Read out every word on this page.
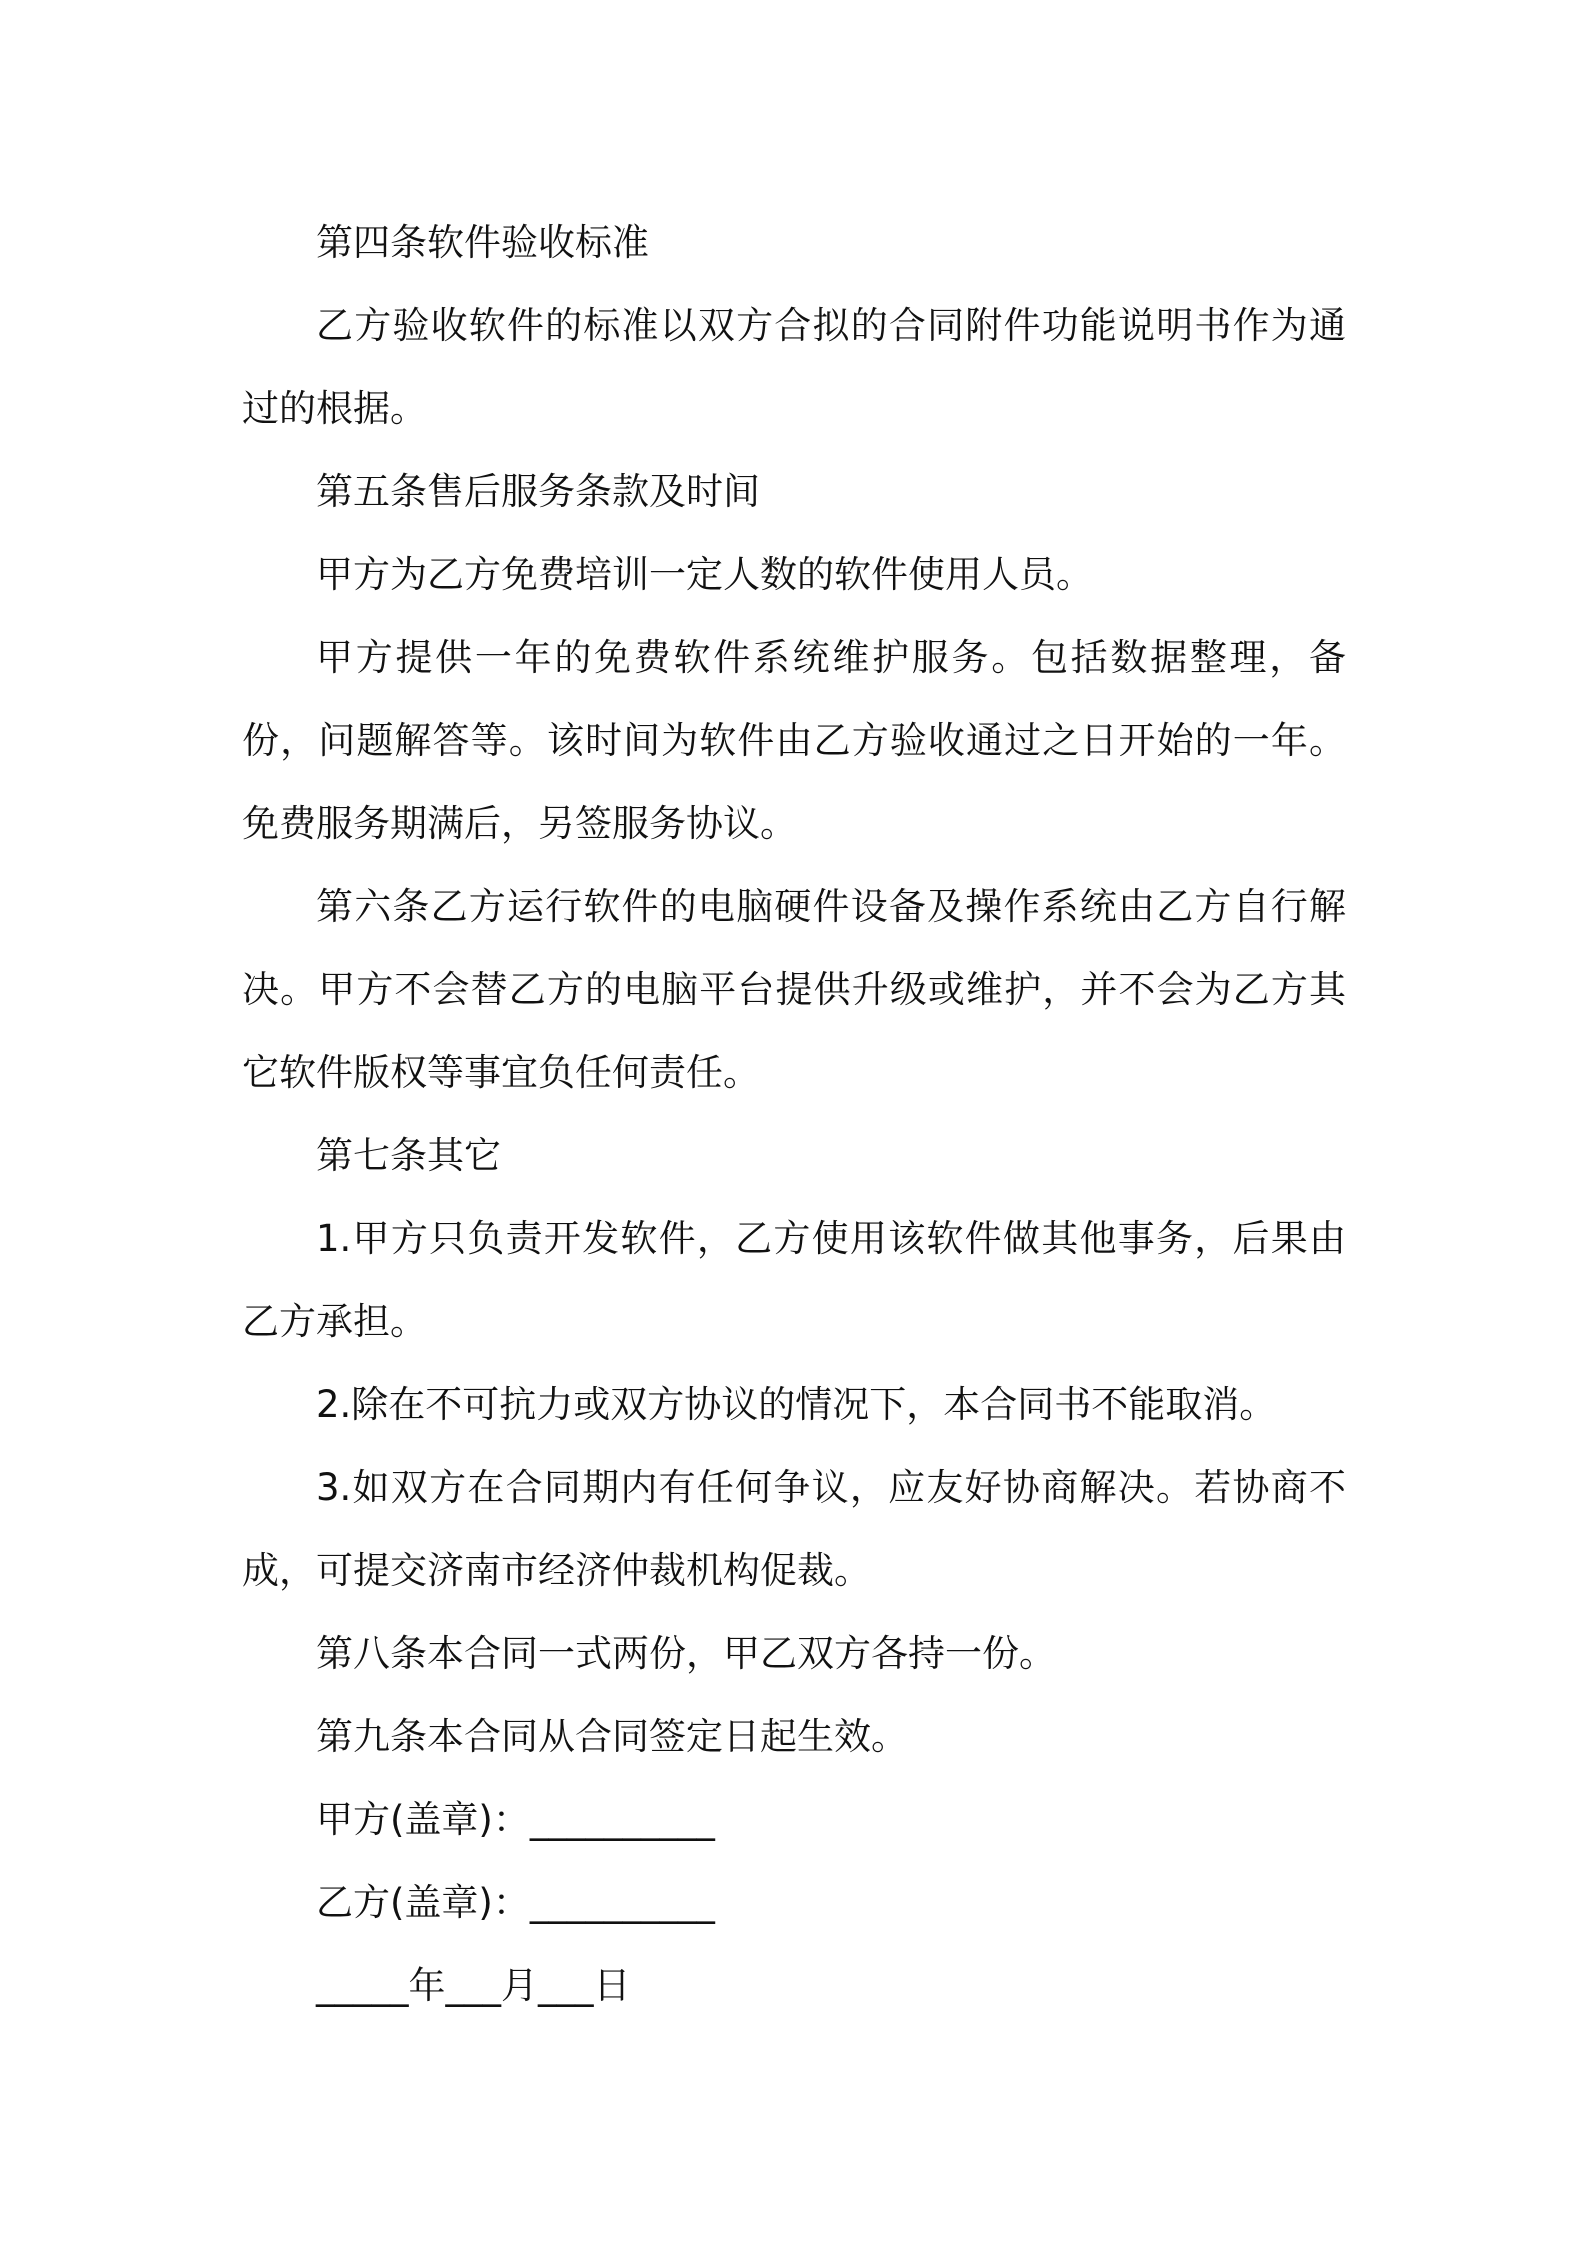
第四条软件验收标准

乙方验收软件的标准以双方合拟的合同附件功能说明书作为通过的根据。

第五条售后服务条款及时间

甲方为乙方免费培训一定人数的软件使用人员。

甲方提供一年的免费软件系统维护服务。包括数据整理，备份，问题解答等。该时间为软件由乙方验收通过之日开始的一年。免费服务期满后，另签服务协议。

第六条乙方运行软件的电脑硬件设备及操作系统由乙方自行解决。甲方不会替乙方的电脑平台提供升级或维护，并不会为乙方其它软件版权等事宜负任何责任。

第七条其它

1.甲方只负责开发软件，乙方使用该软件做其他事务，后果由乙方承担。

2.除在不可抗力或双方协议的情况下，本合同书不能取消。

3.如双方在合同期内有任何争议，应友好协商解决。若协商不成，可提交济南市经济仲裁机构促裁。

第八条本合同一式两份，甲乙双方各持一份。

第九条本合同从合同签定日起生效。

甲方(盖章)：__________

乙方(盖章)：__________

_____年___月___日
